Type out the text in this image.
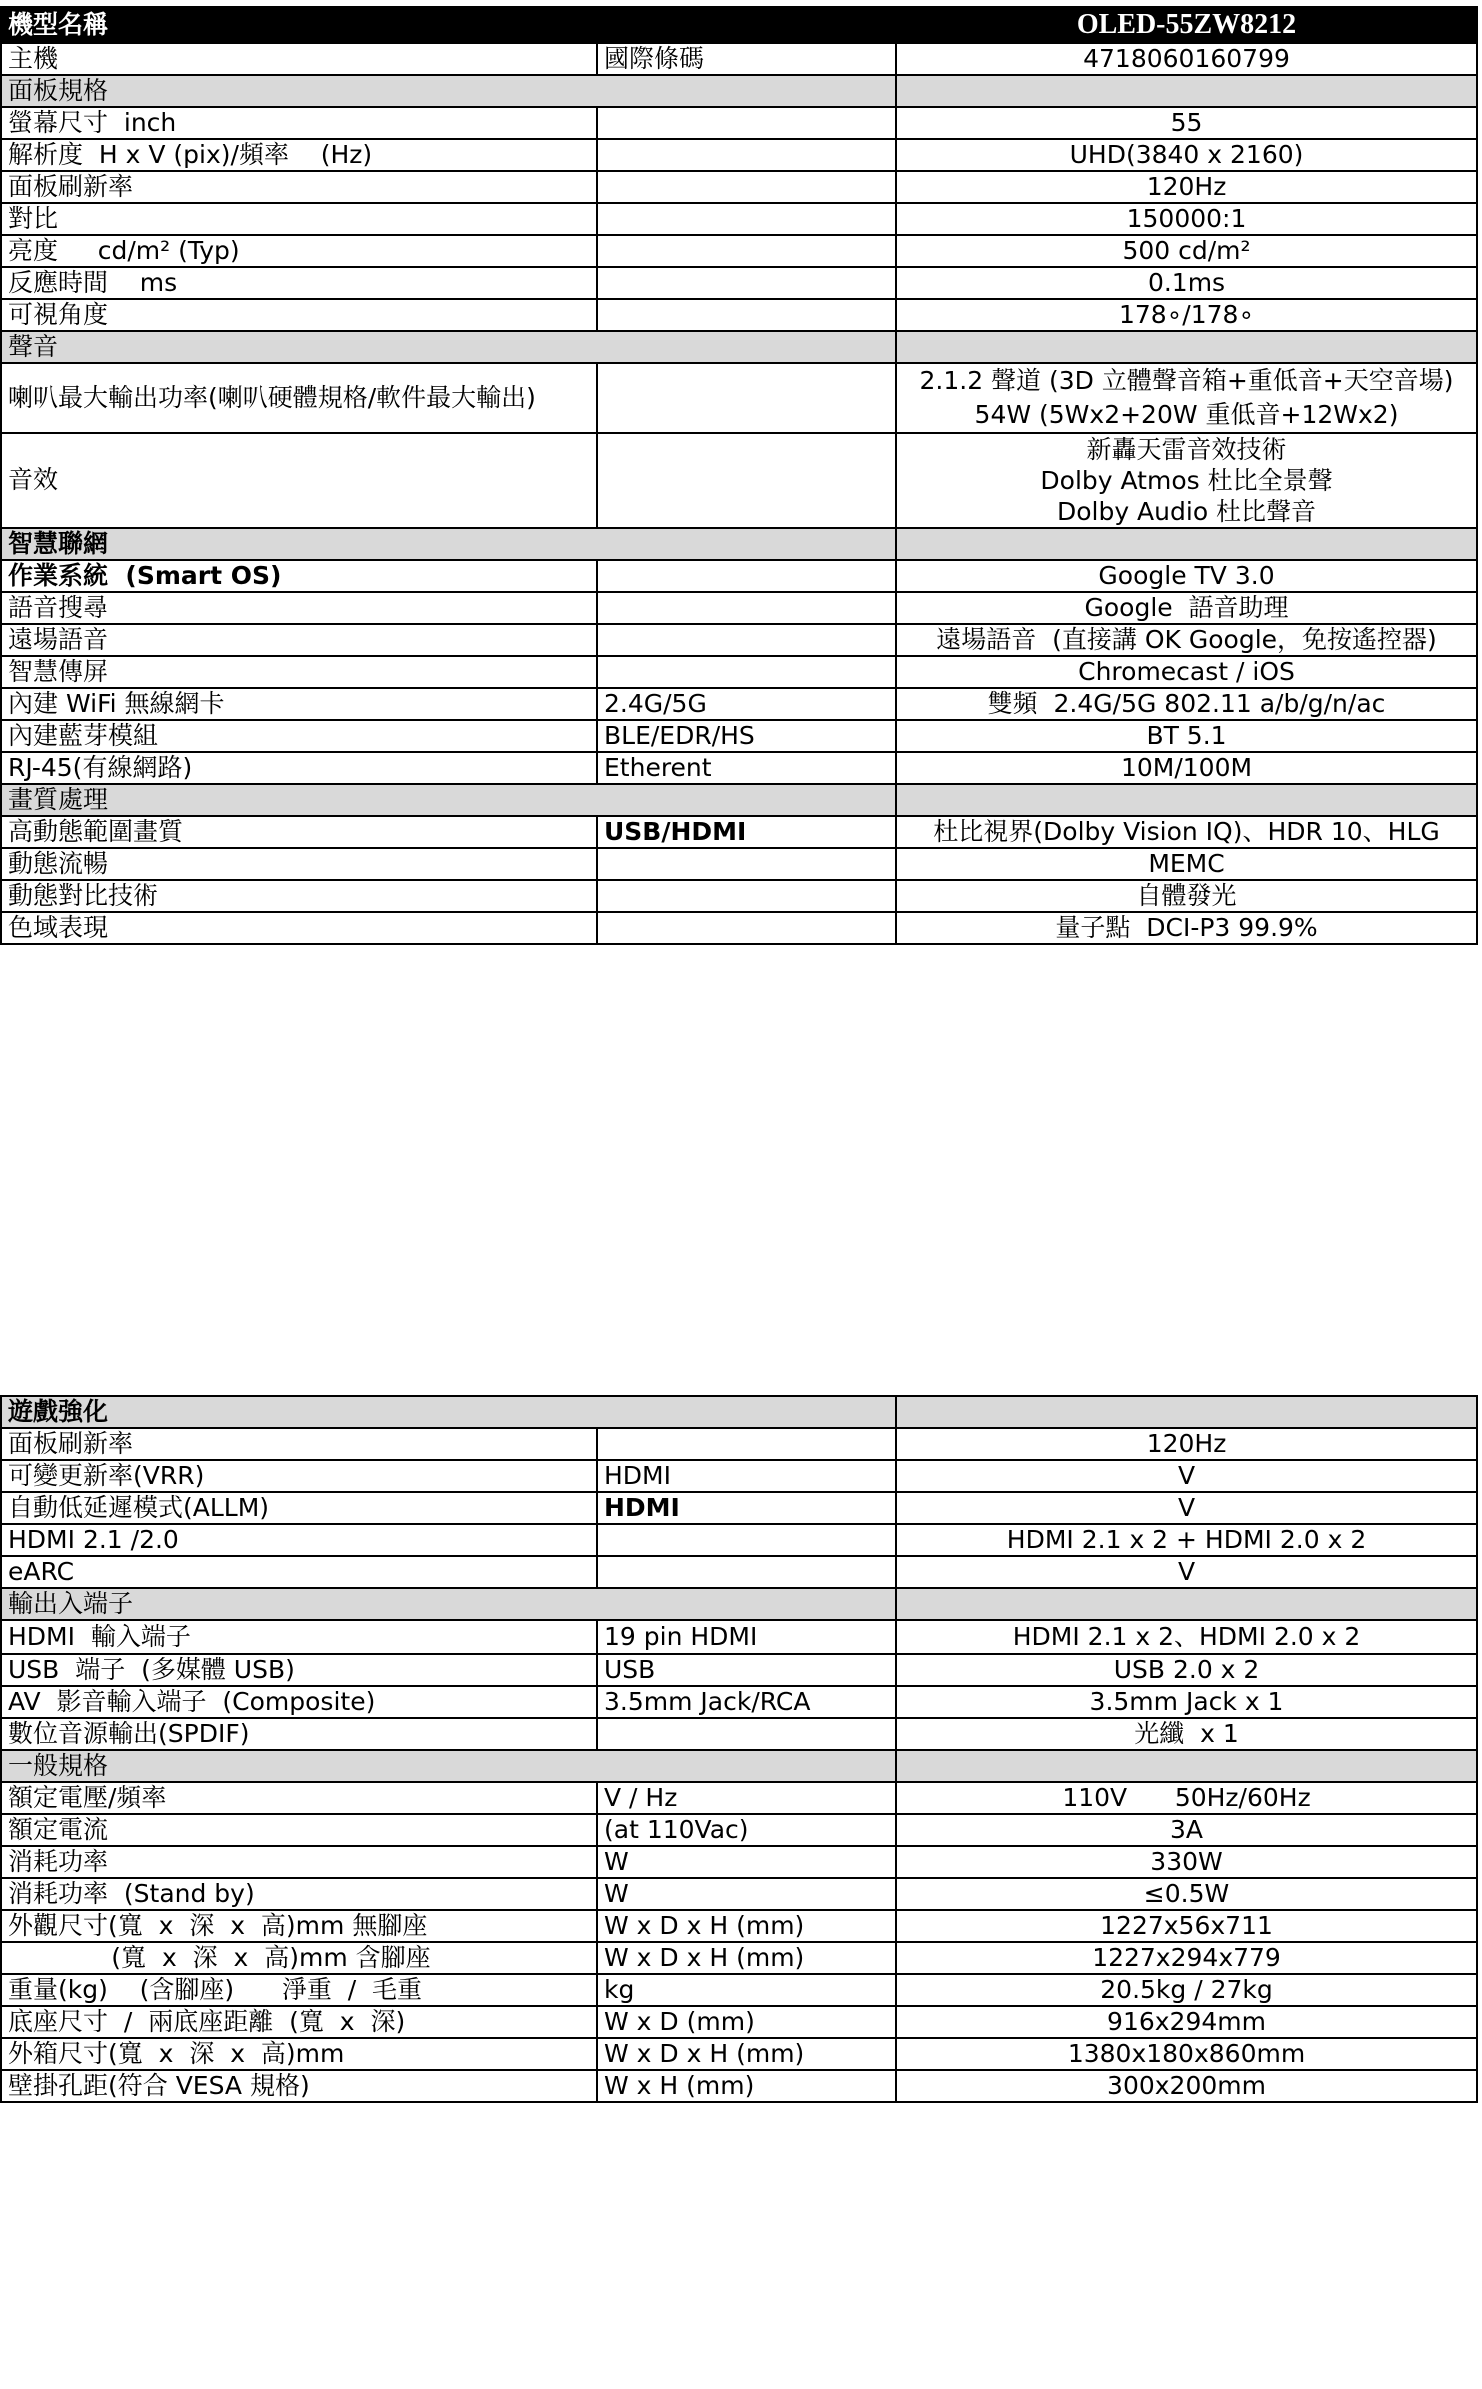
機型名稱		OLED-55ZW8212
主機	國際條碼	4718060160799
面板規格		
螢幕尺寸  inch		55
解析度  H x V (pix)/頻率    (Hz)		UHD(3840 x 2160)
面板刷新率		120Hz
對比		150000:1
亮度     cd/m² (Typ)		500 cd/m²
反應時間    ms		0.1ms
可視角度		178∘/178∘
聲音		
喇叭最大輸出功率(喇叭硬體規格/軟件最大輸出)		2.1.2 聲道 (3D 立體聲音箱+重低音+天空音場)
54W (5Wx2+20W 重低音+12Wx2)

音效		新轟天雷音效技術
Dolby Atmos 杜比全景聲
Dolby Audio 杜比聲音

智慧聯網		
作業系統  (Smart OS)		Google TV 3.0
語音搜尋		Google  語音助理
遠場語音		遠場語音  (直接講 OK Google，免按遙控器)
智慧傳屏		Chromecast / iOS
內建 WiFi 無線網卡	2.4G/5G	雙頻  2.4G/5G 802.11 a/b/g/n/ac
內建藍芽模組	BLE/EDR/HS	BT 5.1
RJ-45(有線網路)	Etherent	10M/100M
畫質處理		
高動態範圍畫質	USB/HDMI	杜比視界(Dolby Vision IQ)、HDR 10、HLG
動態流暢		MEMC
動態對比技術		自體發光
色域表現		量子點  DCI-P3 99.9%
遊戲強化		
面板刷新率		120Hz
可變更新率(VRR)	HDMI	V
自動低延遲模式(ALLM)	HDMI	V
HDMI 2.1 /2.0		HDMI 2.1 x 2 + HDMI 2.0 x 2
eARC		V
輸出入端子		
HDMI  輸入端子	19 pin HDMI	HDMI 2.1 x 2、HDMI 2.0 x 2
USB  端子  (多媒體 USB)	USB	USB 2.0 x 2
AV  影音輸入端子  (Composite)	3.5mm Jack/RCA	3.5mm Jack x 1
數位音源輸出(SPDIF)		光纖  x 1
一般規格		
額定電壓/頻率	V / Hz	110V      50Hz/60Hz
額定電流	(at 110Vac)	3A
消耗功率	W	330W
消耗功率  (Stand by)	W	≤0.5W
外觀尺寸(寬  x  深  x  高)mm 無腳座	W x D x H (mm)	1227x56x711
(寬  x  深  x  高)mm 含腳座	W x D x H (mm)	1227x294x779
重量(kg)    (含腳座)      淨重  /  毛重	kg	20.5kg / 27kg
底座尺寸  /  兩底座距離  (寬  x  深)	W x D (mm)	916x294mm
外箱尺寸(寬  x  深  x  高)mm	W x D x H (mm)	1380x180x860mm
壁掛孔距(符合 VESA 規格)	W x H (mm)	300x200mm
